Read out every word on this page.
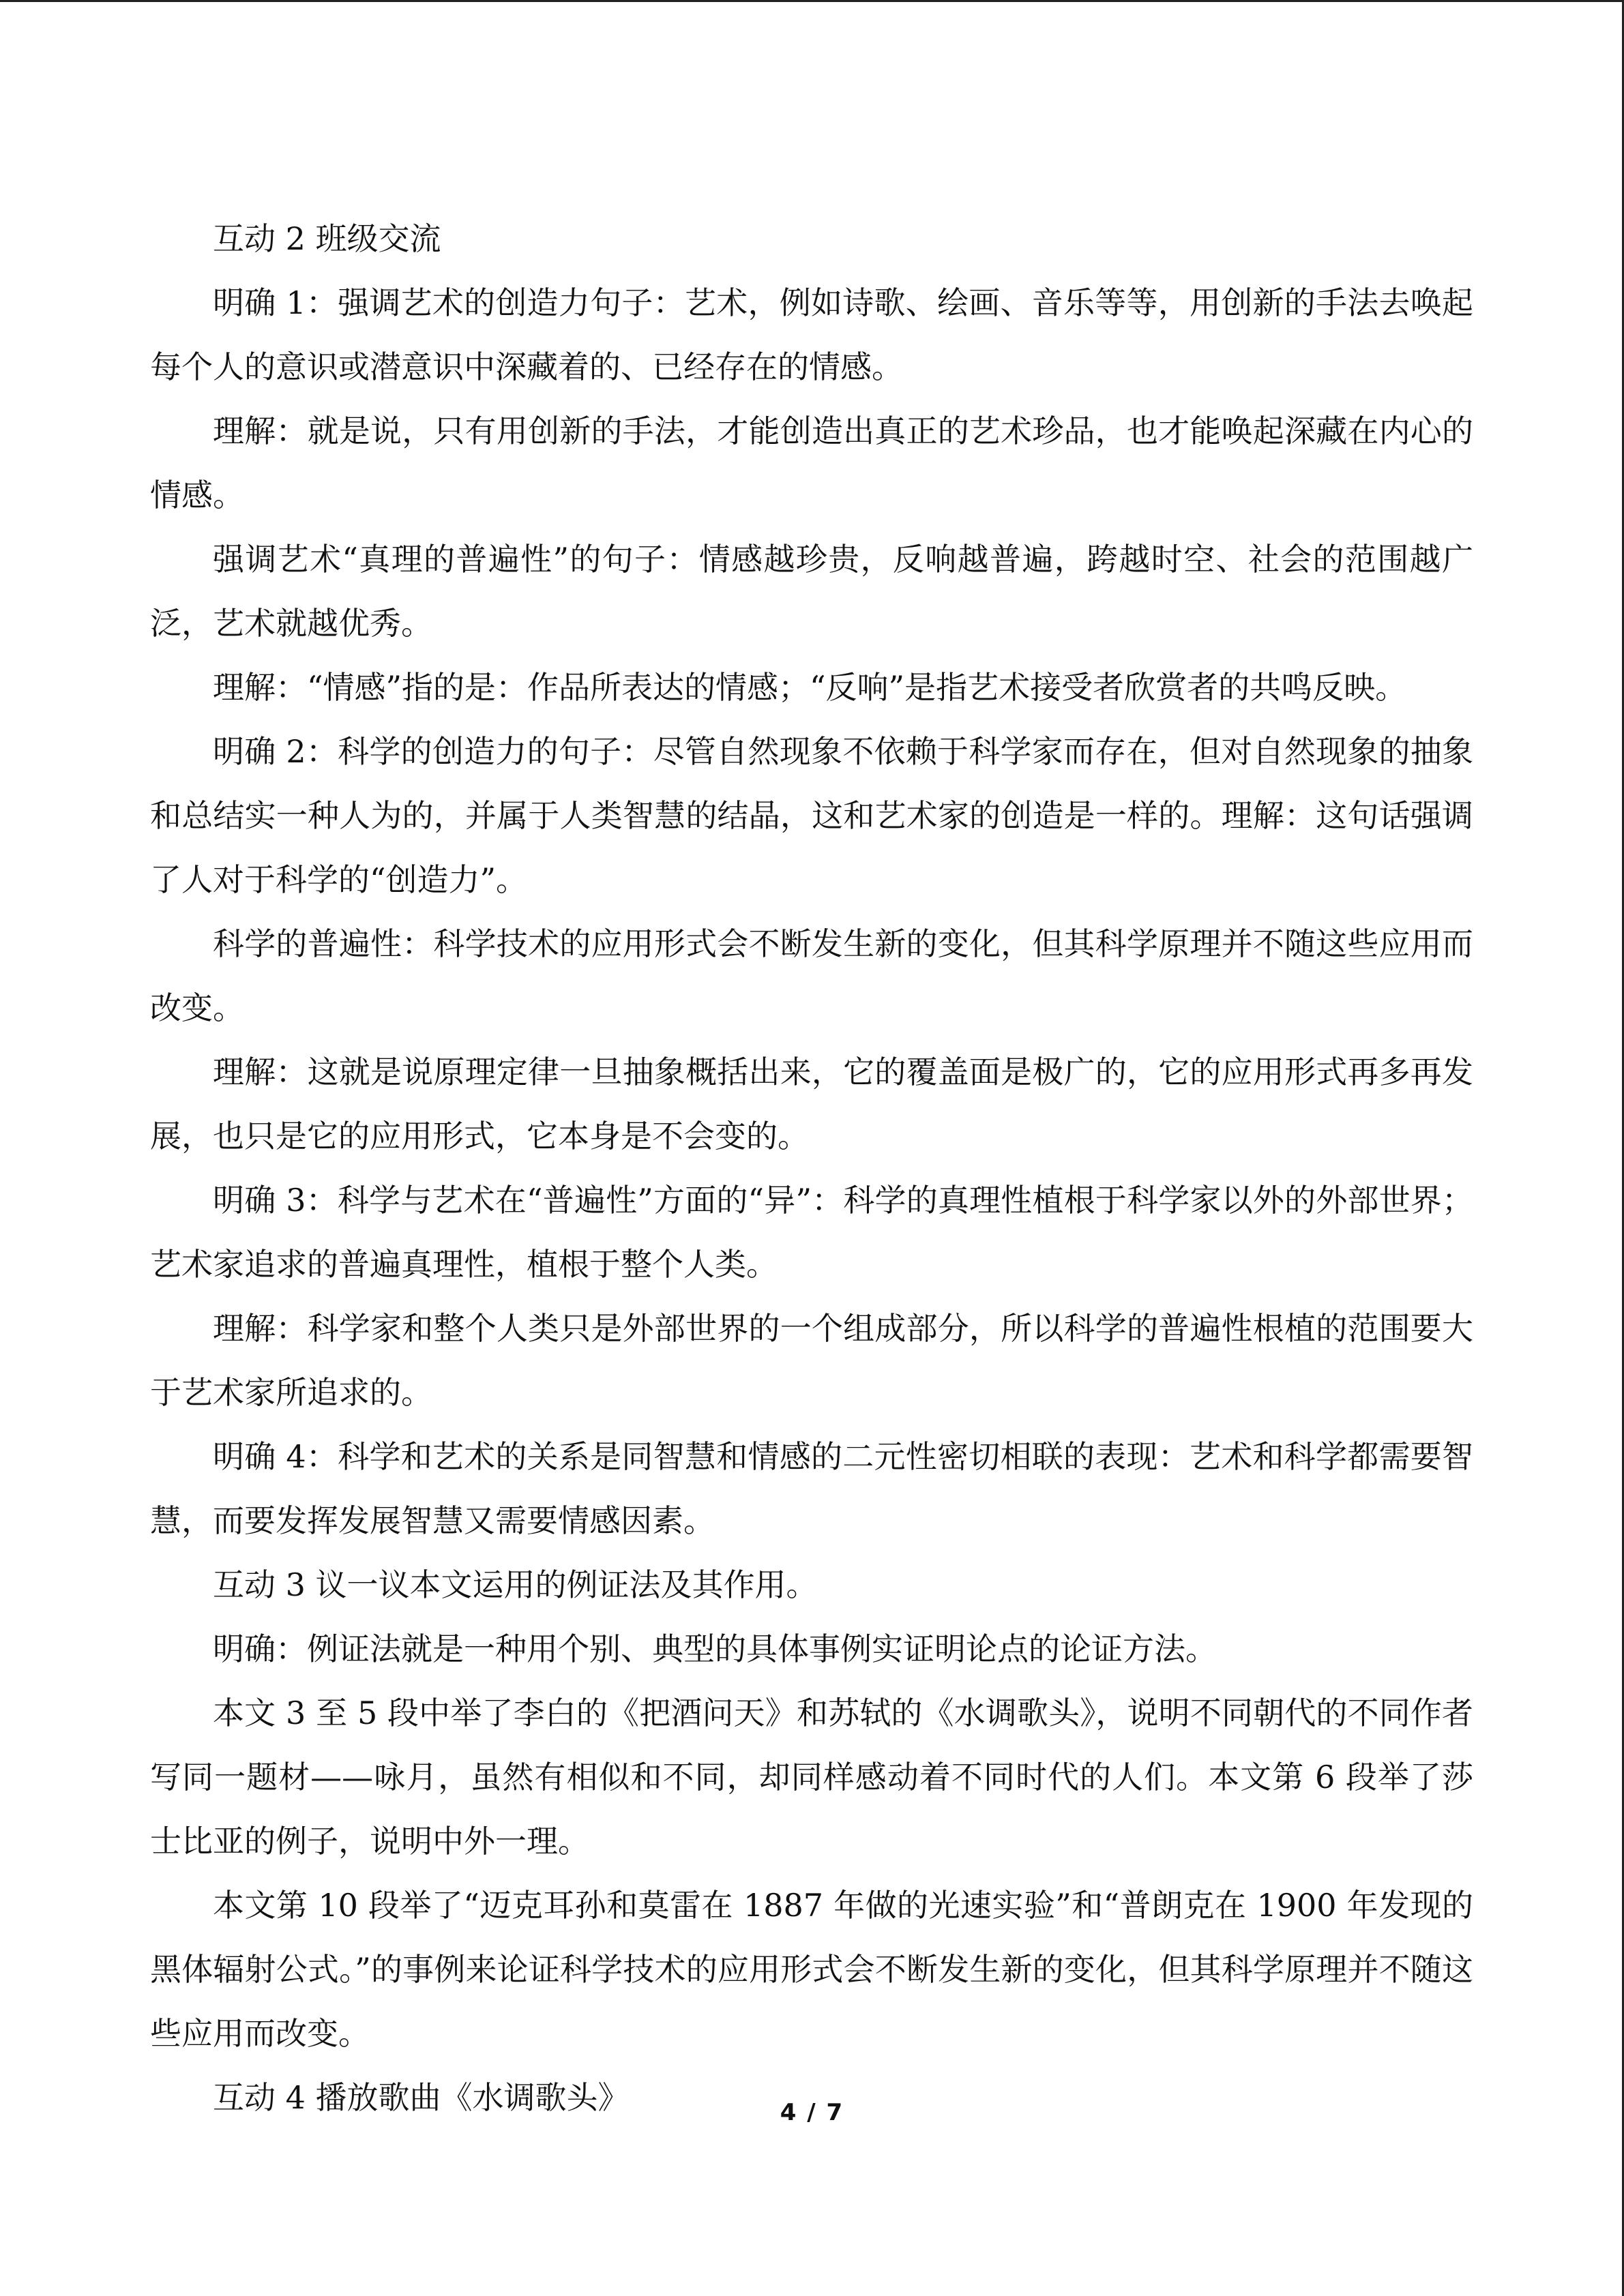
互动 2 班级交流

明确 1：强调艺术的创造力句子：艺术，例如诗歌、绘画、音乐等等，用创新的手法去唤起每个人的意识或潜意识中深藏着的、已经存在的情感。

理解：就是说，只有用创新的手法，才能创造出真正的艺术珍品，也才能唤起深藏在内心的情感。

强调艺术“真理的普遍性”的句子：情感越珍贵，反响越普遍，跨越时空、社会的范围越广泛，艺术就越优秀。

理解：“情感”指的是：作品所表达的情感；“反响”是指艺术接受者欣赏者的共鸣反映。

明确 2：科学的创造力的句子：尽管自然现象不依赖于科学家而存在，但对自然现象的抽象和总结实一种人为的，并属于人类智慧的结晶，这和艺术家的创造是一样的。理解：这句话强调了人对于科学的“创造力”。

科学的普遍性：科学技术的应用形式会不断发生新的变化，但其科学原理并不随这些应用而改变。

理解：这就是说原理定律一旦抽象概括出来，它的覆盖面是极广的，它的应用形式再多再发展，也只是它的应用形式，它本身是不会变的。

明确 3：科学与艺术在“普遍性”方面的“异”：科学的真理性植根于科学家以外的外部世界；艺术家追求的普遍真理性，植根于整个人类。

理解：科学家和整个人类只是外部世界的一个组成部分，所以科学的普遍性根植的范围要大于艺术家所追求的。

明确 4：科学和艺术的关系是同智慧和情感的二元性密切相联的表现：艺术和科学都需要智慧，而要发挥发展智慧又需要情感因素。

互动 3 议一议本文运用的例证法及其作用。

明确：例证法就是一种用个别、典型的具体事例实证明论点的论证方法。

本文 3 至 5 段中举了李白的《把酒问天》和苏轼的《水调歌头》，说明不同朝代的不同作者写同一题材——咏月，虽然有相似和不同，却同样感动着不同时代的人们。本文第 6 段举了莎士比亚的例子，说明中外一理。

本文第 10 段举了“迈克耳孙和莫雷在 1887 年做的光速实验”和“普朗克在 1900 年发现的黑体辐射公式。”的事例来论证科学技术的应用形式会不断发生新的变化，但其科学原理并不随这些应用而改变。

互动 4 播放歌曲《水调歌头》	4 / 7
